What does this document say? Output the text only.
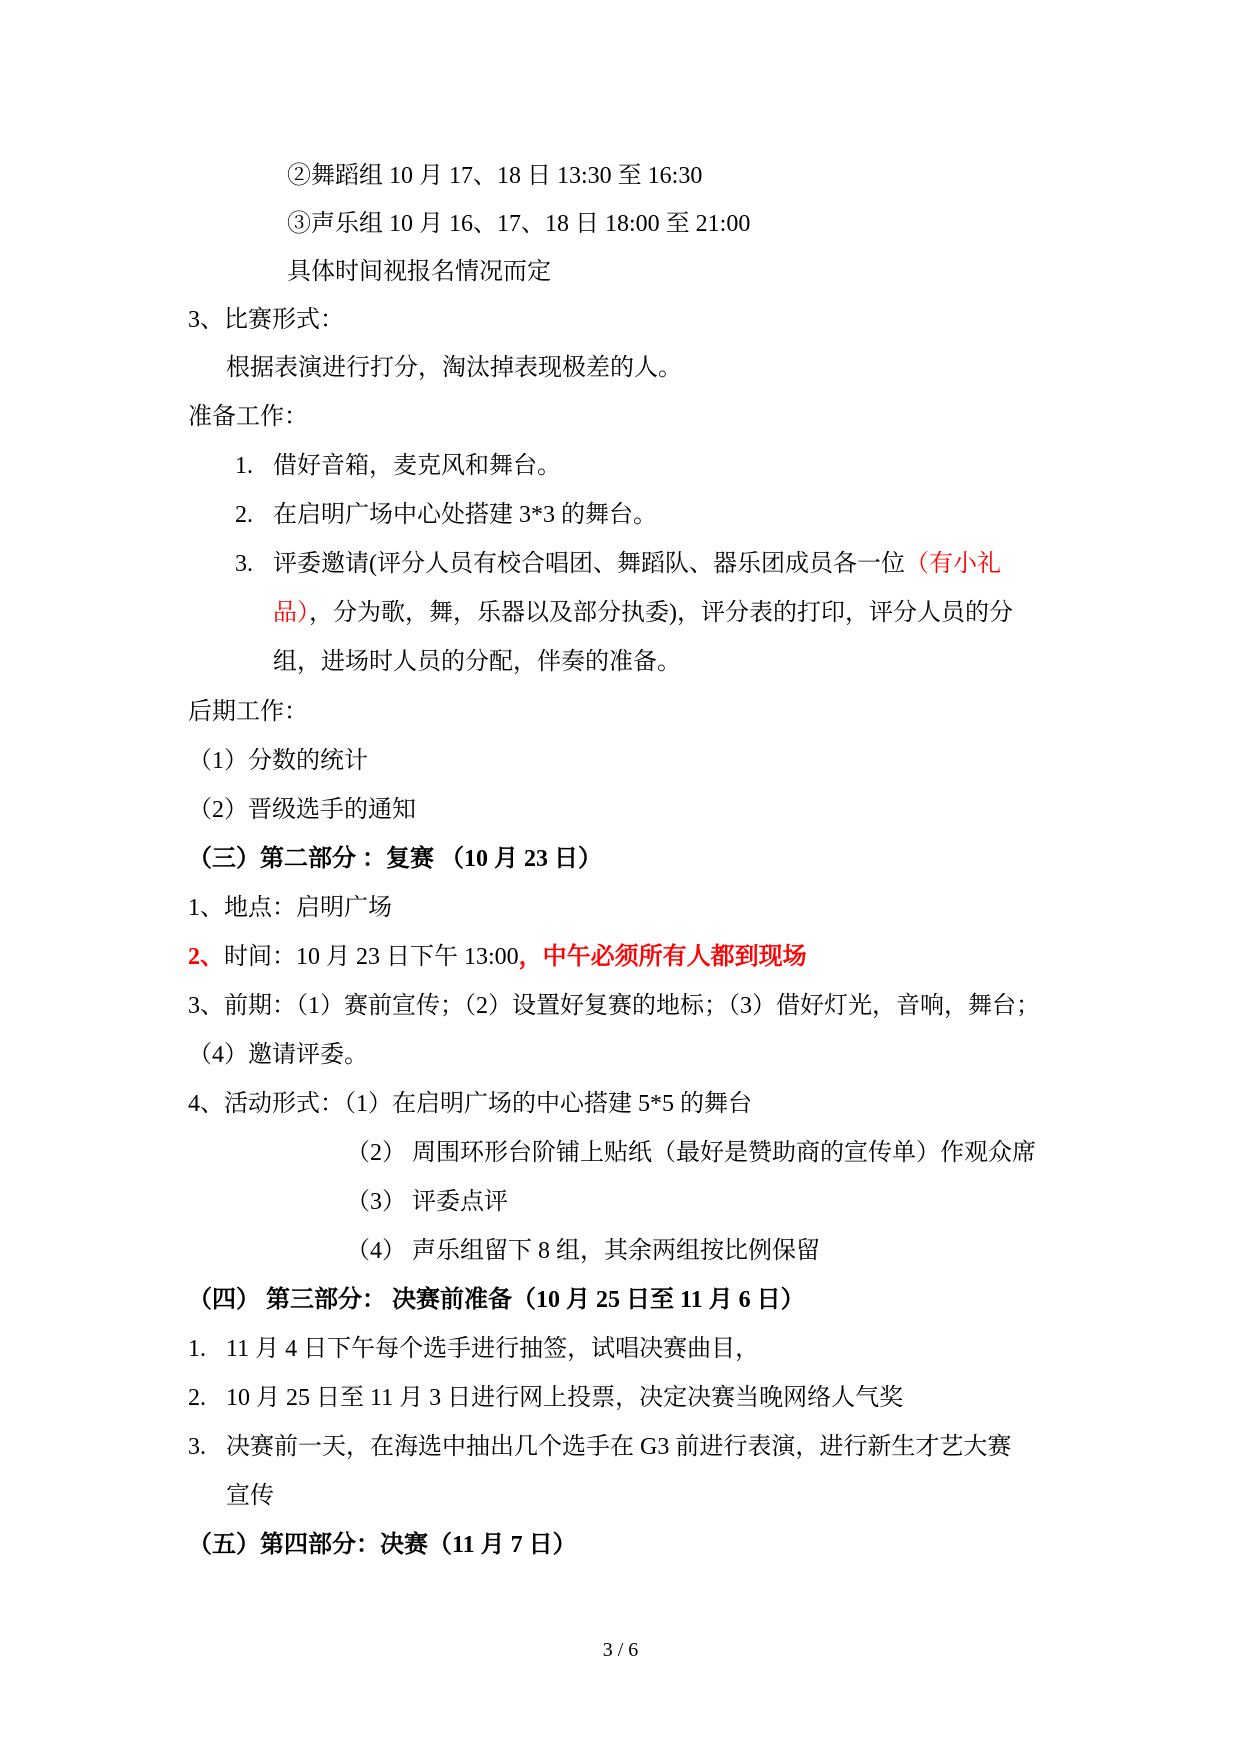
②舞蹈组 10 月 17、18 日 13:30 至 16:30
③声乐组 10 月 16、17、18 日 18:00 至 21:00
具体时间视报名情况而定
3、比赛形式：
根据表演进行打分，淘汰掉表现极差的人。
准备工作：
1. 借好音箱，麦克风和舞台。
2. 在启明广场中心处搭建 3*3 的舞台。
3. 评委邀请(评分人员有校合唱团、舞蹈队、器乐团成员各一位（有小礼
品），分为歌，舞，乐器以及部分执委)，评分表的打印，评分人员的分
组，进场时人员的分配，伴奏的准备。
后期工作：
（1）分数的统计
（2）晋级选手的通知
（三）第二部分 ：复赛 （10 月 23 日）
1、地点：启明广场
2、时间：10 月 23 日下午 13:00，中午必须所有人都到现场
3、前期：（1）赛前宣传；（2）设置好复赛的地标；（3）借好灯光，音响，舞台；
（4）邀请评委。
4、活动形式：（1）在启明广场的中心搭建 5*5 的舞台
（2） 周围环形台阶铺上贴纸（最好是赞助商的宣传单）作观众席
（3） 评委点评
（4） 声乐组留下 8 组，其余两组按比例保留
（四） 第三部分： 决赛前准备（10 月 25 日至 11 月 6 日）
1. 11 月 4 日下午每个选手进行抽签，试唱决赛曲目，
2. 10 月 25 日至 11 月 3 日进行网上投票，决定决赛当晚网络人气奖
3. 决赛前一天，在海选中抽出几个选手在 G3 前进行表演，进行新生才艺大赛
宣传
（五）第四部分：决赛（11 月 7 日）
3 / 6
